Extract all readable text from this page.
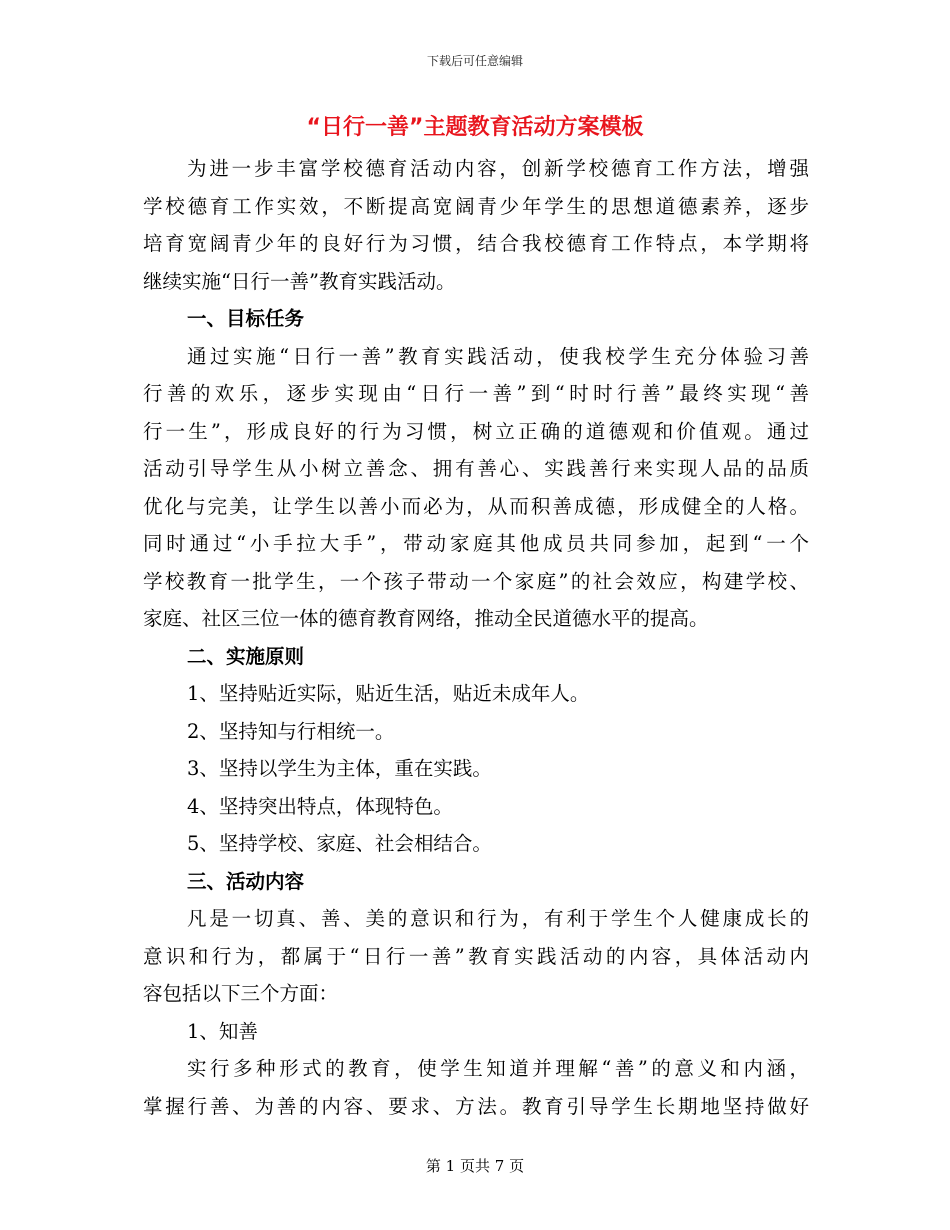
下载后可任意编辑
“日行一善”主题教育活动方案模板
为进一步丰富学校德育活动内容，创新学校德育工作方法，增强
学校德育工作实效，不断提高宽阔青少年学生的思想道德素养，逐步
培育宽阔青少年的良好行为习惯，结合我校德育工作特点，本学期将
继续实施“日行一善”教育实践活动。
一、目标任务
通过实施“日行一善”教育实践活动，使我校学生充分体验习善
行善的欢乐，逐步实现由“日行一善”到“时时行善”最终实现“善
行一生”，形成良好的行为习惯，树立正确的道德观和价值观。通过
活动引导学生从小树立善念、拥有善心、实践善行来实现人品的品质
优化与完美，让学生以善小而必为，从而积善成德，形成健全的人格。
同时通过“小手拉大手”，带动家庭其他成员共同参加，起到“一个
学校教育一批学生，一个孩子带动一个家庭”的社会效应，构建学校、
家庭、社区三位一体的德育教育网络，推动全民道德水平的提高。
二、实施原则
1、坚持贴近实际，贴近生活，贴近未成年人。
2、坚持知与行相统一。
3、坚持以学生为主体，重在实践。
4、坚持突出特点，体现特色。
5、坚持学校、家庭、社会相结合。
三、活动内容
凡是一切真、善、美的意识和行为，有利于学生个人健康成长的
意识和行为，都属于“日行一善”教育实践活动的内容，具体活动内
容包括以下三个方面：
1、知善
实行多种形式的教育，使学生知道并理解“善”的意义和内涵，
掌握行善、为善的内容、要求、方法。教育引导学生长期地坚持做好
第 1 页共 7 页
